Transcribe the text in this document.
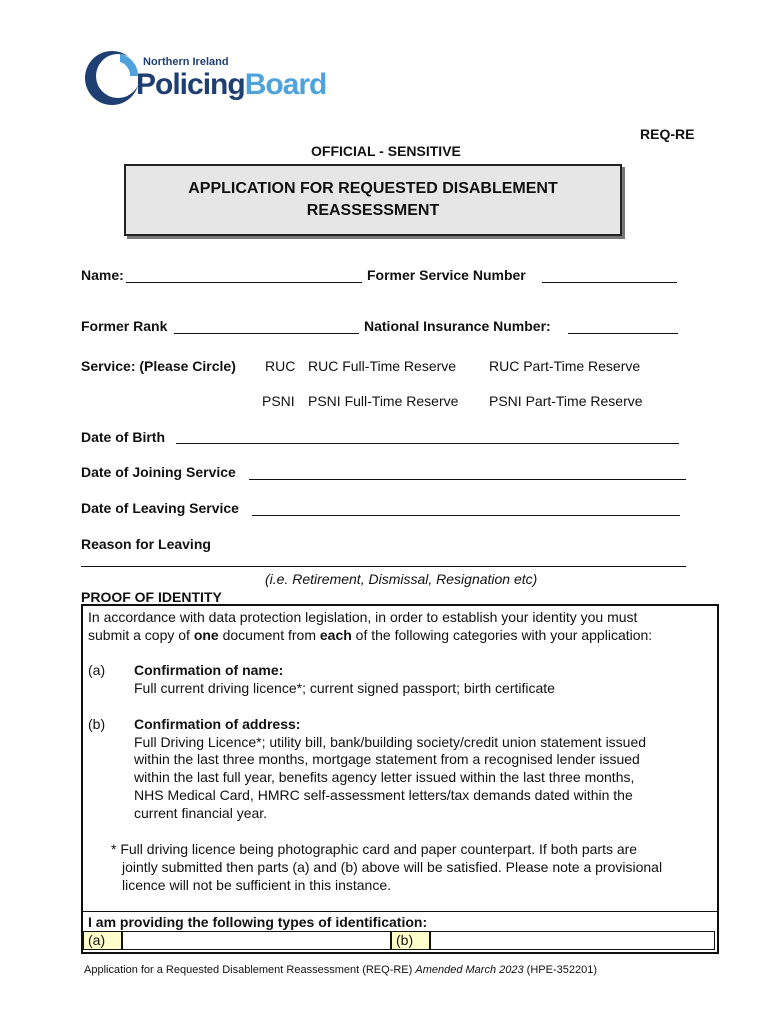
Northern Ireland
PolicingBoard
REQ-RE
OFFICIAL - SENSITIVE
APPLICATION FOR REQUESTED DISABLEMENT
REASSESSMENT
Name:	Former Service Number
Former Rank	National Insurance Number:
Service: (Please Circle) RUC RUC Full-Time Reserve RUC Part-Time Reserve
PSNI PSNI Full-Time Reserve PSNI Part-Time Reserve
Date of Birth
Date of Joining Service
Date of Leaving Service
Reason for Leaving
(i.e. Retirement, Dismissal, Resignation etc)
PROOF OF IDENTITY
In accordance with data protection legislation, in order to establish your identity you must
submit a copy of one document from each of the following categories with your application:
(a) Confirmation of name:
Full current driving licence*; current signed passport; birth certificate
(b) Confirmation of address:
Full Driving Licence*; utility bill, bank/building society/credit union statement issued
within the last three months, mortgage statement from a recognised lender issued
within the last full year, benefits agency letter issued within the last three months,
NHS Medical Card, HMRC self-assessment letters/tax demands dated within the
current financial year.
* Full driving licence being photographic card and paper counterpart. If both parts are
jointly submitted then parts (a) and (b) above will be satisfied. Please note a provisional
licence will not be sufficient in this instance.
I am providing the following types of identification:
(a)	(b)
Application for a Requested Disablement Reassessment (REQ-RE) Amended March 2023 (HPE-352201)
